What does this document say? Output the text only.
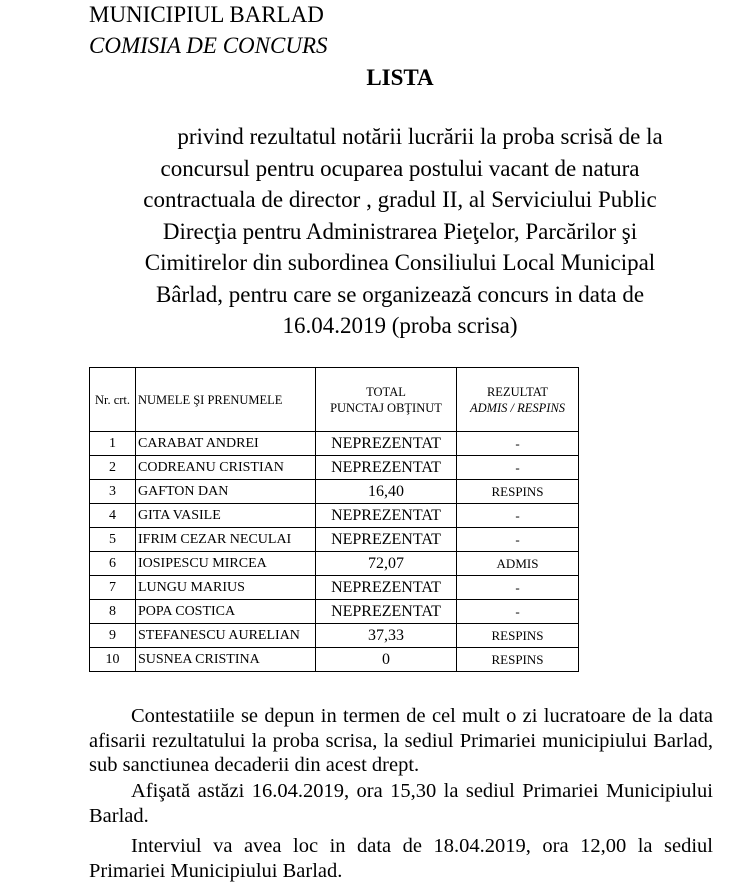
MUNICIPIUL BARLAD
COMISIA DE CONCURS
LISTA
privind rezultatul notării lucrării la proba scrisă de la
concursul pentru ocuparea postului vacant de natura
contractuala de director , gradul II, al Serviciului Public
Direcţia pentru Administrarea Pieţelor, Parcărilor şi
Cimitirelor din subordinea Consiliului Local Municipal
Bârlad, pentru care se organizează concurs in data de
16.04.2019 (proba scrisa)
Nr. crt.	NUMELE ŞI PRENUMELE	TOTAL
PUNCTAJ OBŢINUT	REZULTAT
ADMIS / RESPINS
1	CARABAT ANDREI	NEPREZENTAT	-
2	CODREANU CRISTIAN	NEPREZENTAT	-
3	GAFTON DAN	16,40	RESPINS
4	GITA VASILE	NEPREZENTAT	-
5	IFRIM CEZAR NECULAI	NEPREZENTAT	-
6	IOSIPESCU MIRCEA	72,07	ADMIS
7	LUNGU MARIUS	NEPREZENTAT	-
8	POPA COSTICA	NEPREZENTAT	-
9	STEFANESCU AURELIAN	37,33	RESPINS
10	SUSNEA CRISTINA	0	RESPINS
Contestatiile se depun in termen de cel mult o zi lucratoare de la data afisarii rezultatului la proba scrisa, la sediul Primariei municipiului Barlad, sub sanctiunea decaderii din acest drept.
Afişată astăzi 16.04.2019, ora 15,30 la sediul Primariei Municipiului Barlad.
Interviul va avea loc in data de 18.04.2019, ora 12,00 la sediul Primariei Municipiului Barlad.
